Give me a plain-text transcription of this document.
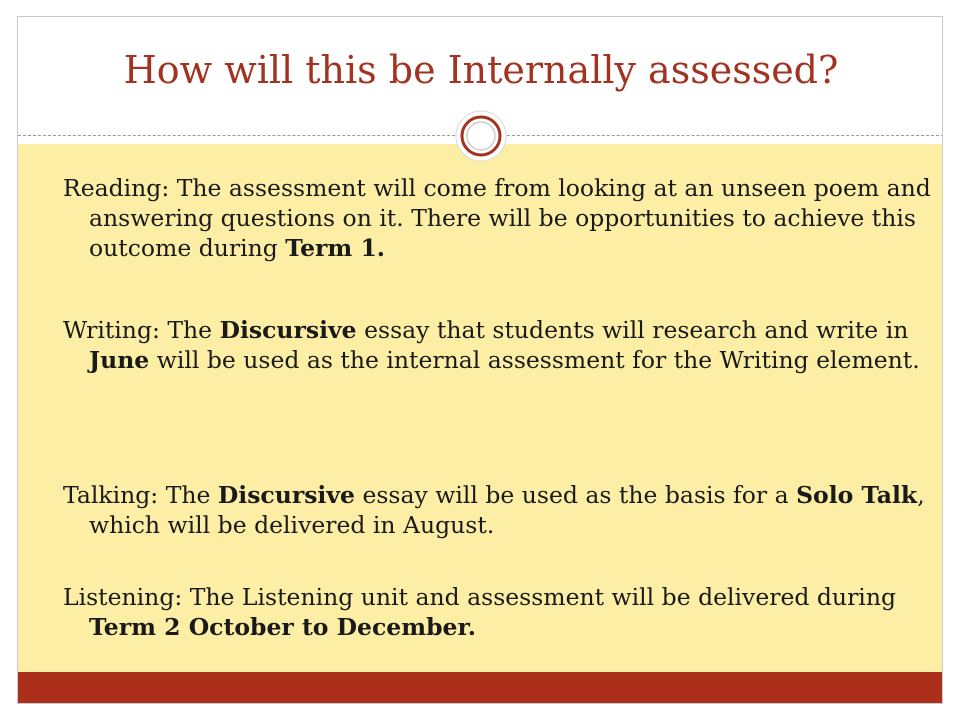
How will this be Internally assessed?

Reading: The assessment will come from looking at an unseen poem and answering questions on it. There will be opportunities to achieve this outcome during Term 1.

Writing: The Discursive essay that students will research and write in June will be used as the internal assessment for the Writing element.

Talking: The Discursive essay will be used as the basis for a Solo Talk, which will be delivered in August.

Listening: The Listening unit and assessment will be delivered during Term 2 October to December.
